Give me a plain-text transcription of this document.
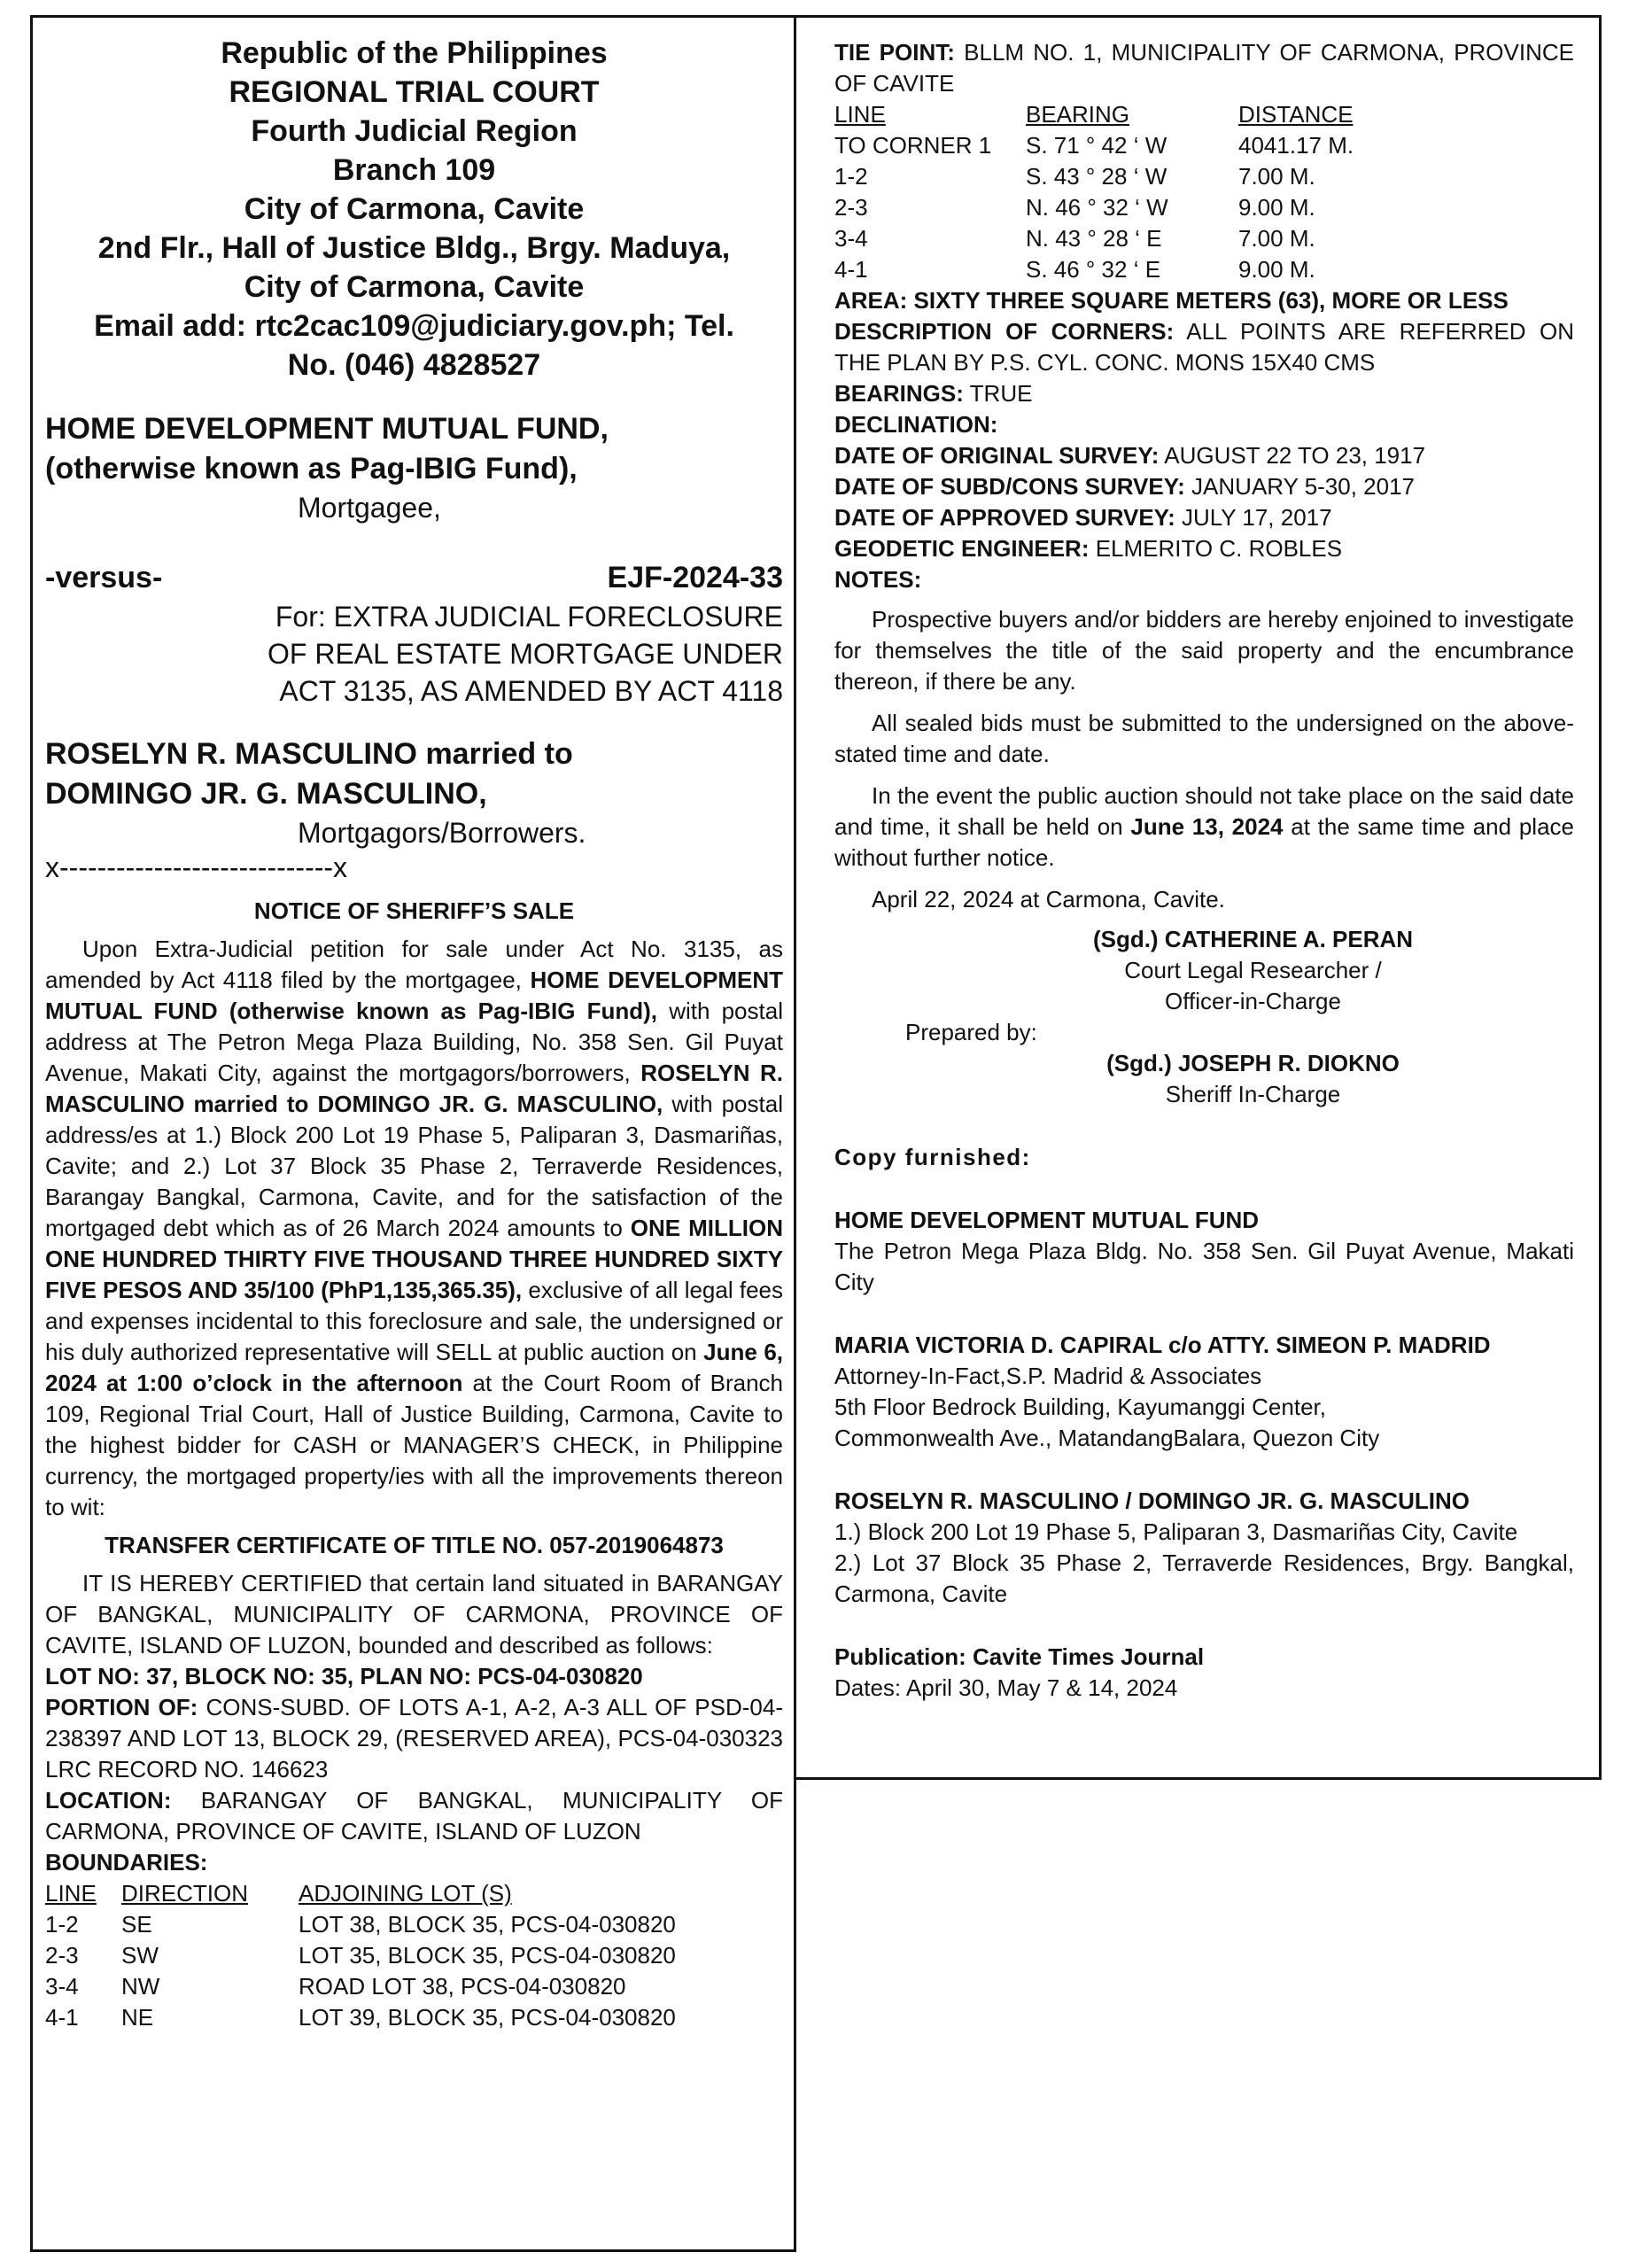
Republic of the Philippines
REGIONAL TRIAL COURT
Fourth Judicial Region
Branch 109
City of Carmona, Cavite
2nd Flr., Hall of Justice Bldg., Brgy. Maduya,
City of Carmona, Cavite
Email add: rtc2cac109@judiciary.gov.ph; Tel.
No. (046) 4828527
HOME DEVELOPMENT MUTUAL FUND,
(otherwise known as Pag-IBIG Fund),
Mortgagee,
-versus-	EJF-2024-33
For: EXTRA JUDICIAL FORECLOSURE
OF REAL ESTATE MORTGAGE UNDER
ACT 3135, AS AMENDED BY ACT 4118
ROSELYN R. MASCULINO married to
DOMINGO JR. G. MASCULINO,
Mortgagors/Borrowers.
x-----------------------------x
NOTICE OF SHERIFF’S SALE

Upon Extra-Judicial petition for sale under Act No. 3135, as amended by Act 4118 filed by the mortgagee, HOME DEVELOPMENT MUTUAL FUND (otherwise known as Pag-IBIG Fund), with postal address at The Petron Mega Plaza Building, No. 358 Sen. Gil Puyat Avenue, Makati City, against the mortgagors/borrowers, ROSELYN R. MASCULINO married to DOMINGO JR. G. MASCULINO, with postal address/es at 1.) Block 200 Lot 19 Phase 5, Paliparan 3, Dasmariñas, Cavite; and 2.) Lot 37 Block 35 Phase 2, Terraverde Residences, Barangay Bangkal, Carmona, Cavite, and for the satisfaction of the mortgaged debt which as of 26 March 2024 amounts to ONE MILLION ONE HUNDRED THIRTY FIVE THOUSAND THREE HUNDRED SIXTY FIVE PESOS AND 35/100 (PhP1,135,365.35), exclusive of all legal fees and expenses incidental to this foreclosure and sale, the undersigned or his duly authorized representative will SELL at public auction on June 6, 2024 at 1:00 o’clock in the afternoon at the Court Room of Branch 109, Regional Trial Court, Hall of Justice Building, Carmona, Cavite to the highest bidder for CASH or MANAGER’S CHECK, in Philippine currency, the mortgaged property/ies with all the improvements thereon to wit:

TRANSFER CERTIFICATE OF TITLE NO. 057-2019064873

IT IS HEREBY CERTIFIED that certain land situated in BARANGAY OF BANGKAL, MUNICIPALITY OF CARMONA, PROVINCE OF CAVITE, ISLAND OF LUZON, bounded and described as follows:

LOT NO: 37, BLOCK NO: 35, PLAN NO: PCS-04-030820

PORTION OF: CONS-SUBD. OF LOTS A-1, A-2, A-3 ALL OF PSD-04-238397 AND LOT 13, BLOCK 29, (RESERVED AREA), PCS-04-030323 LRC RECORD NO. 146623

LOCATION: BARANGAY OF BANGKAL, MUNICIPALITY OF CARMONA, PROVINCE OF CAVITE, ISLAND OF LUZON

BOUNDARIES:
LINE	DIRECTION	ADJOINING LOT (S)
1-2	SE	LOT 38, BLOCK 35, PCS-04-030820
2-3	SW	LOT 35, BLOCK 35, PCS-04-030820
3-4	NW	ROAD LOT 38, PCS-04-030820
4-1	NE	LOT 39, BLOCK 35, PCS-04-030820

TIE POINT: BLLM NO. 1, MUNICIPALITY OF CARMONA, PROVINCE OF CAVITE

LINE	BEARING	DISTANCE
TO CORNER 1	S. 71 ° 42 ‘ W	4041.17 M.
1-2	S. 43 ° 28 ‘ W	7.00 M.
2-3	N. 46 ° 32 ‘ W	9.00 M.
3-4	N. 43 ° 28 ‘ E	7.00 M.
4-1	S. 46 ° 32 ‘ E	9.00 M.
AREA: SIXTY THREE SQUARE METERS (63), MORE OR LESS

DESCRIPTION OF CORNERS: ALL POINTS ARE REFERRED ON THE PLAN BY P.S. CYL. CONC. MONS 15X40 CMS

BEARINGS: TRUE
DECLINATION:
DATE OF ORIGINAL SURVEY: AUGUST 22 TO 23, 1917
DATE OF SUBD/CONS SURVEY: JANUARY 5-30, 2017
DATE OF APPROVED SURVEY: JULY 17, 2017
GEODETIC ENGINEER: ELMERITO C. ROBLES
NOTES:

Prospective buyers and/or bidders are hereby enjoined to investigate for themselves the title of the said property and the encumbrance thereon, if there be any.

All sealed bids must be submitted to the undersigned on the above-stated time and date.

In the event the public auction should not take place on the said date and time, it shall be held on June 13, 2024 at the same time and place without further notice.

April 22, 2024 at Carmona, Cavite.
(Sgd.) CATHERINE A. PERAN
Court Legal Researcher /
Officer-in-Charge
Prepared by:
(Sgd.) JOSEPH R. DIOKNO
Sheriff In-Charge
Copy furnished:
HOME DEVELOPMENT MUTUAL FUND

The Petron Mega Plaza Bldg. No. 358 Sen. Gil Puyat Avenue, Makati City

MARIA VICTORIA D. CAPIRAL c/o ATTY. SIMEON P. MADRID
Attorney-In-Fact,S.P. Madrid & Associates
5th Floor Bedrock Building, Kayumanggi Center,
Commonwealth Ave., MatandangBalara, Quezon City
ROSELYN R. MASCULINO / DOMINGO JR. G. MASCULINO

1.) Block 200 Lot 19 Phase 5, Paliparan 3, Dasmariñas City, Cavite

2.) Lot 37 Block 35 Phase 2, Terraverde Residences, Brgy. Bangkal, Carmona, Cavite

Publication: Cavite Times Journal
Dates: April 30, May 7 & 14, 2024
